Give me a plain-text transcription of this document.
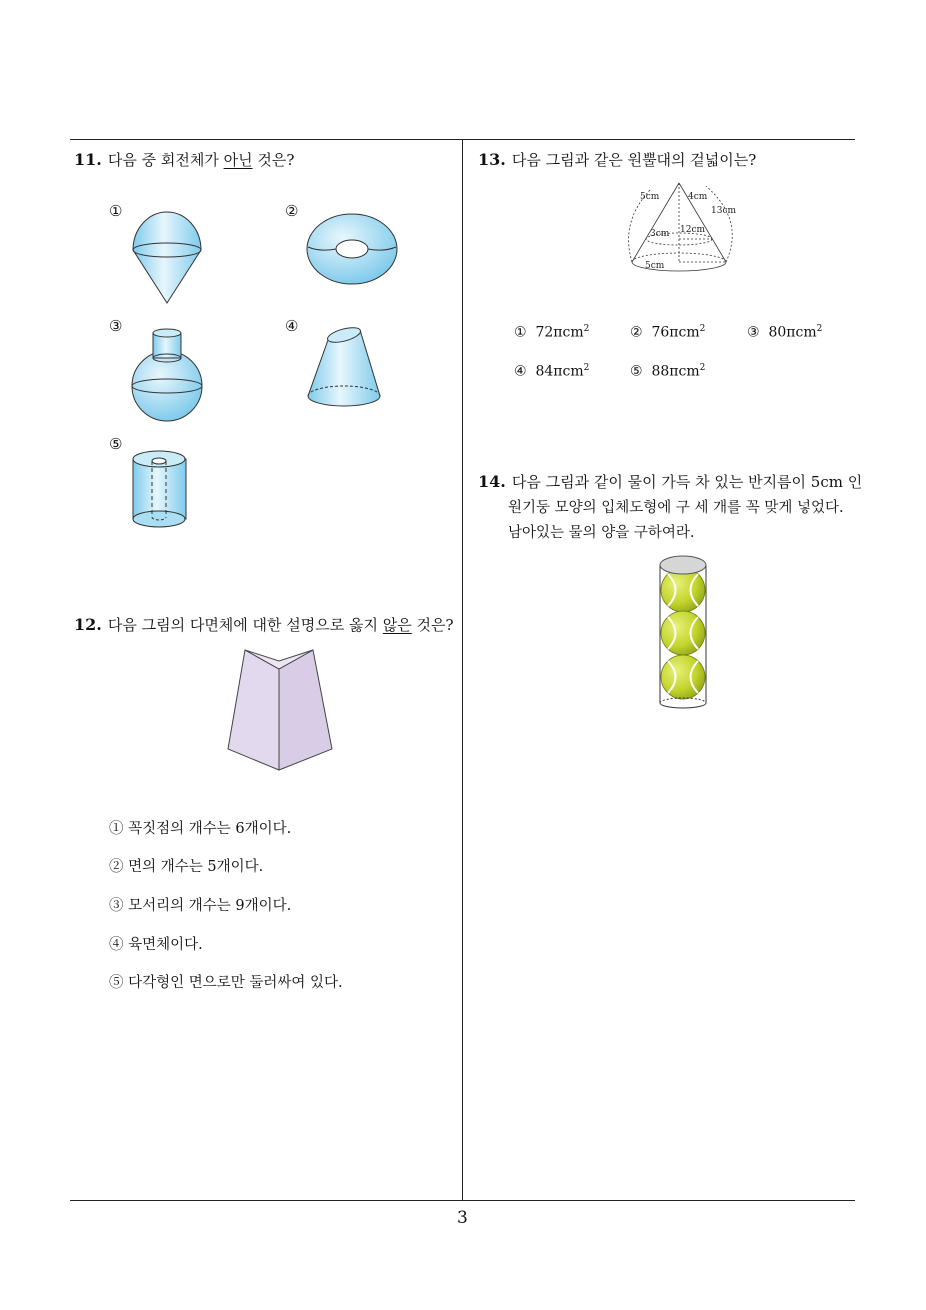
11. 다음 중 회전체가 아닌 것은?
①	②
③	④
⑤
12. 다음 그림의 다면체에 대한 설명으로 옳지 않은 것은?
① 꼭짓점의 개수는 6개이다.
② 면의 개수는 5개이다.
③ 모서리의 개수는 9개이다.
④ 육면체이다.
⑤ 다각형인 면으로만 둘러싸여 있다.
13. 다음 그림과 같은 원뿔대의 겉넓이는?
5cm	4cm
13cm
3cm 12cm
5cm
① 72πcm$^2$	② 76πcm$^2$	③ 80πcm$^2$
④ 84πcm$^2$	⑤ 88πcm$^2$
14. 다음 그림과 같이 물이 가득 차 있는 반지름이 5cm 인
원기둥 모양의 입체도형에 구 세 개를 꼭 맞게 넣었다.
남아있는 물의 양을 구하여라.
3
